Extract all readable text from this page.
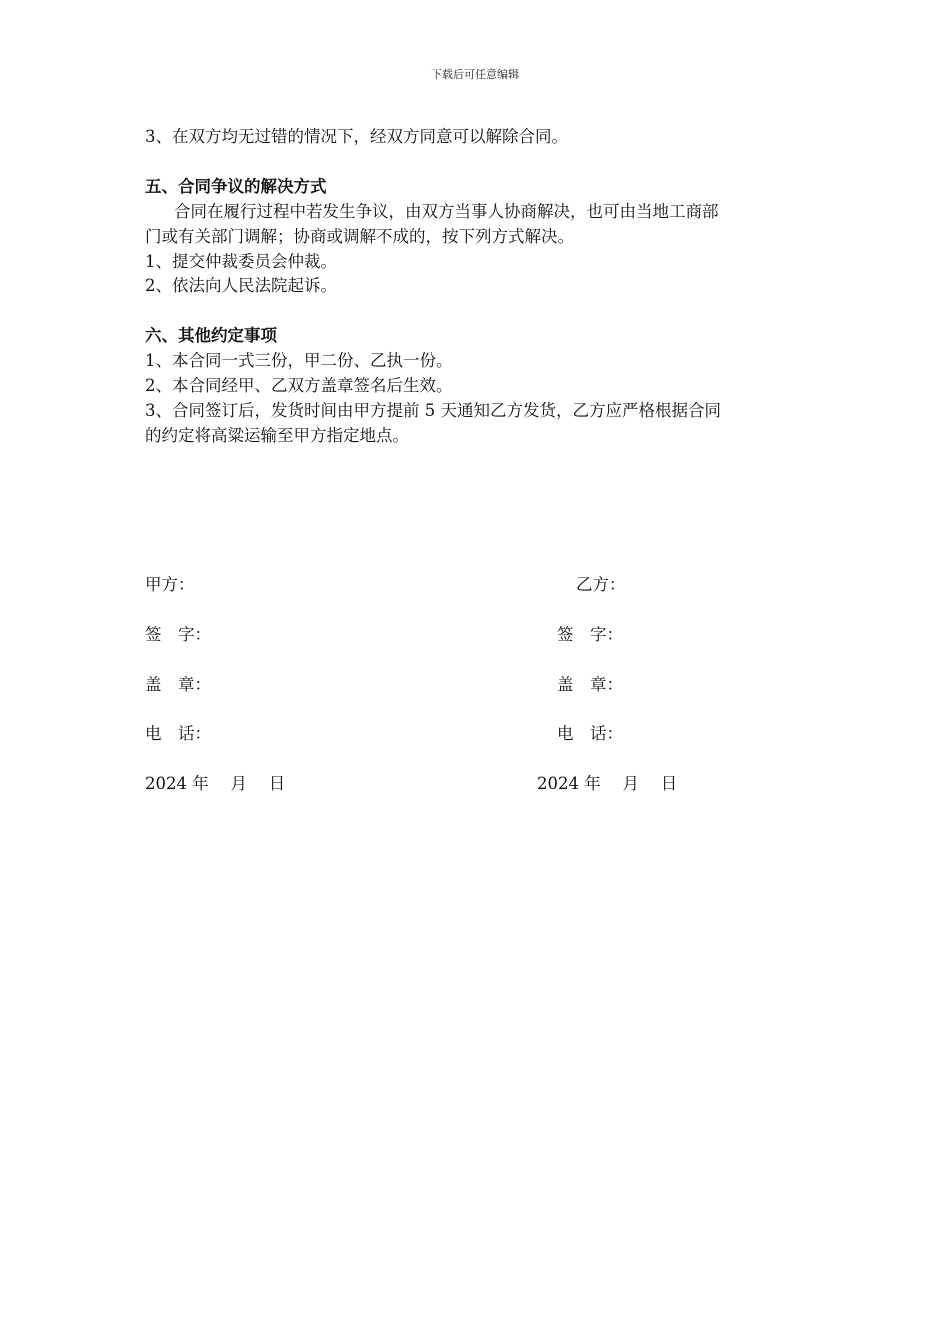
下载后可任意编辑
3、在双方均无过错的情况下，经双方同意可以解除合同。
五、合同争议的解决方式
合同在履行过程中若发生争议，由双方当事人协商解决，也可由当地工商部
门或有关部门调解；协商或调解不成的，按下列方式解决。
1、提交仲裁委员会仲裁。
2、依法向人民法院起诉。
六、其他约定事项
1、本合同一式三份，甲二份、乙执一份。
2、本合同经甲、乙双方盖章签名后生效。
3、合同签订后，发货时间由甲方提前 5 天通知乙方发货，乙方应严格根据合同
的约定将高粱运输至甲方指定地点。
甲方：
签　字：
盖　章：
电　话：
2024 年　 月　 日
乙方：
签　字：
盖　章：
电　话：
2024 年　 月　 日
